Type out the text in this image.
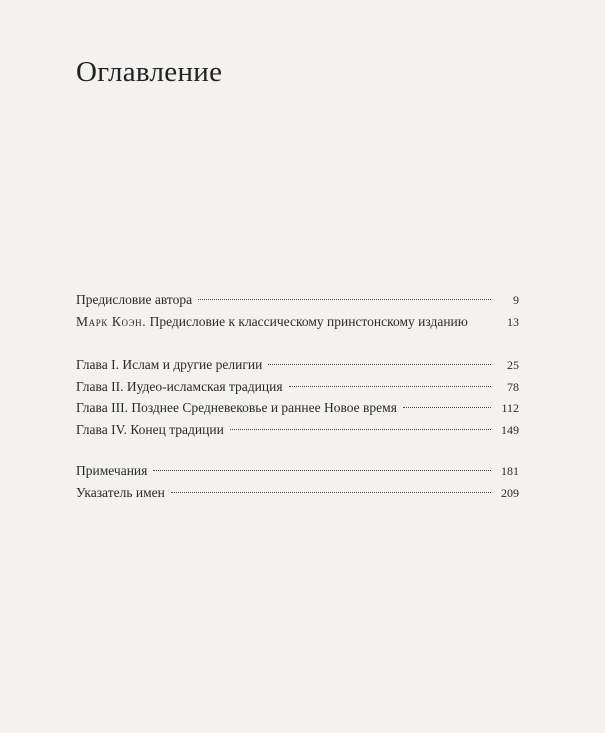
Оглавление
Предисловие автора	9
Марк Коэн. Предисловие к классическому принстонскому изданию	13
Глава I. Ислам и другие религии	25
Глава II. Иудео-исламская традиция	78
Глава III. Позднее Средневековье и раннее Новое время	112
Глава IV. Конец традиции	149
Примечания	181
Указатель имен	209
